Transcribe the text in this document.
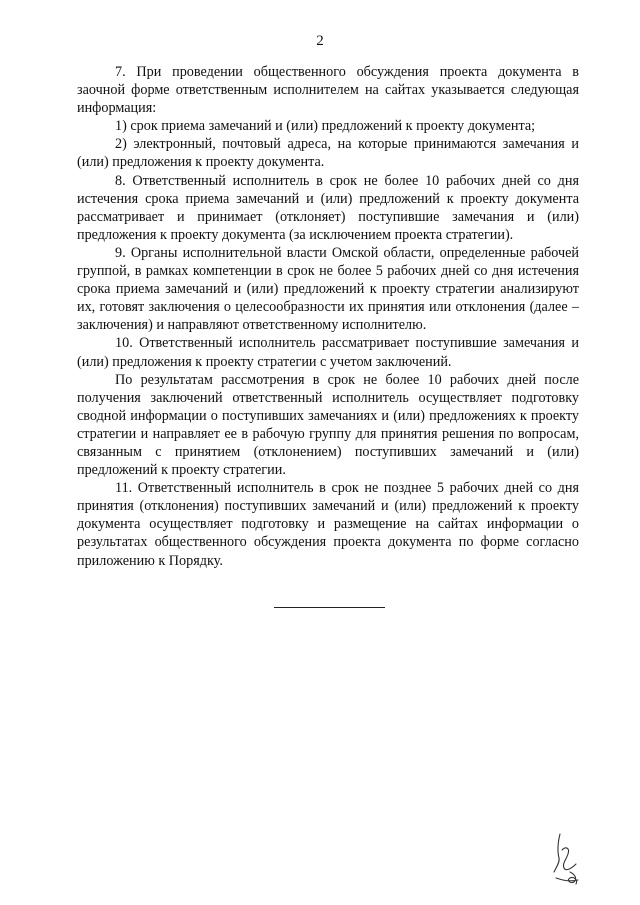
2

7. При проведении общественного обсуждения проекта документа в заочной форме ответственным исполнителем на сайтах указывается следующая информация:

1) срок приема замечаний и (или) предложений к проекту документа;

2) электронный, почтовый адреса, на которые принимаются замечания и (или) предложения к проекту документа.

8. Ответственный исполнитель в срок не более 10 рабочих дней со дня истечения срока приема замечаний и (или) предложений к проекту документа рассматривает и принимает (отклоняет) поступившие замечания и (или) предложения к проекту документа (за исключением проекта стратегии).

9. Органы исполнительной власти Омской области, определенные рабочей группой, в рамках компетенции в срок не более 5 рабочих дней со дня истечения срока приема замечаний и (или) предложений к проекту стратегии анализируют их, готовят заключения о целесообразности их принятия или отклонения (далее – заключения) и направляют ответственному исполнителю.

10. Ответственный исполнитель рассматривает поступившие замечания и (или) предложения к проекту стратегии с учетом заключений.

По результатам рассмотрения в срок не более 10 рабочих дней после получения заключений ответственный исполнитель осуществляет подготовку сводной информации о поступивших замечаниях и (или) предложениях к проекту стратегии и направляет ее в рабочую группу для принятия решения по вопросам, связанным с принятием (отклонением) поступивших замечаний и (или) предложений к проекту стратегии.

11. Ответственный исполнитель в срок не позднее 5 рабочих дней со дня принятия (отклонения) поступивших замечаний и (или) предложений к проекту документа осуществляет подготовку и размещение на сайтах информации о результатах общественного обсуждения проекта документа по форме согласно приложению к Порядку.
